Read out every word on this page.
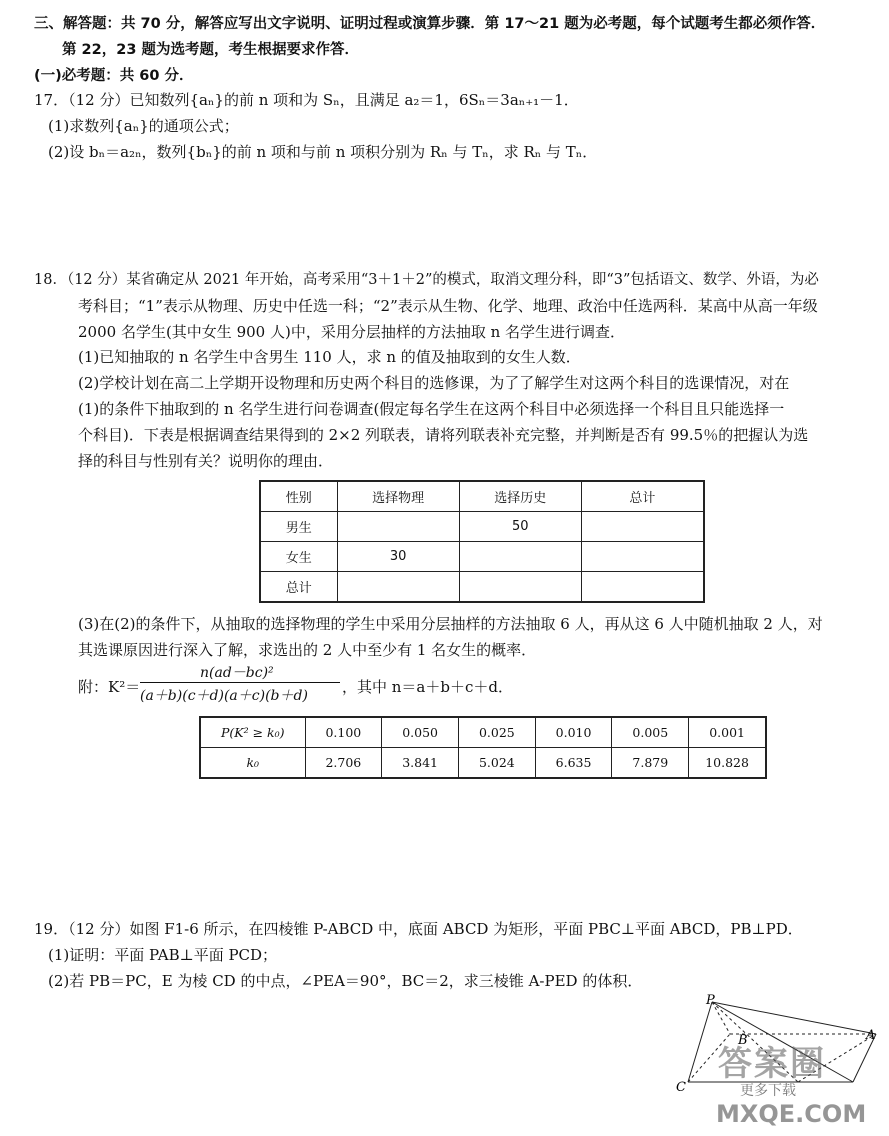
三、解答题：共 70 分，解答应写出文字说明、证明过程或演算步骤．第 17～21 题为必考题，每个试题考生都必须作答．
第 22，23 题为选考题，考生根据要求作答．
(一)必考题：共 60 分．
17．（12 分）已知数列{aₙ}的前 n 项和为 Sₙ，且满足 a₂＝1，6Sₙ＝3aₙ₊₁－1．
(1)求数列{aₙ}的通项公式；
(2)设 bₙ＝a₂ₙ，数列{bₙ}的前 n 项和与前 n 项积分别为 Rₙ 与 Tₙ，求 Rₙ 与 Tₙ．
18．（12 分）某省确定从 2021 年开始，高考采用“3＋1＋2”的模式，取消文理分科，即“3”包括语文、数学、外语，为必
考科目；“1”表示从物理、历史中任选一科；“2”表示从生物、化学、地理、政治中任选两科．某高中从高一年级
2000 名学生(其中女生 900 人)中，采用分层抽样的方法抽取 n 名学生进行调查．
(1)已知抽取的 n 名学生中含男生 110 人，求 n 的值及抽取到的女生人数．
(2)学校计划在高二上学期开设物理和历史两个科目的选修课，为了了解学生对这两个科目的选课情况，对在
(1)的条件下抽取到的 n 名学生进行问卷调查(假定每名学生在这两个科目中必须选择一个科目且只能选择一
个科目)．下表是根据调查结果得到的 2×2 列联表，请将列联表补充完整，并判断是否有 99.5％的把握认为选
择的科目与性别有关？说明你的理由．
性别	选择物理	选择历史	总计
男生		50	
女生	30		
总计			
(3)在(2)的条件下，从抽取的选择物理的学生中采用分层抽样的方法抽取 6 人，再从这 6 人中随机抽取 2 人，对
其选课原因进行深入了解，求选出的 2 人中至少有 1 名女生的概率．
附：K²＝
n(ad－bc)²
(a＋b)(c＋d)(a＋c)(b＋d) ，其中 n＝a＋b＋c＋d．
P(K² ≥ k₀)	0.100	0.050	0.025	0.010	0.005	0.001
k₀	2.706	3.841	5.024	6.635	7.879	10.828
19．（12 分）如图 F1-6 所示，在四棱锥 P-ABCD 中，底面 ABCD 为矩形，平面 PBC⊥平面 ABCD，PB⊥PD．
(1)证明：平面 PAB⊥平面 PCD；
(2)若 PB＝PC，E 为棱 CD 的中点，∠PEA＝90°，BC＝2，求三棱锥 A-PED 的体积．
P
B	A
C
答案圈
更多下载
MXQE.COM
